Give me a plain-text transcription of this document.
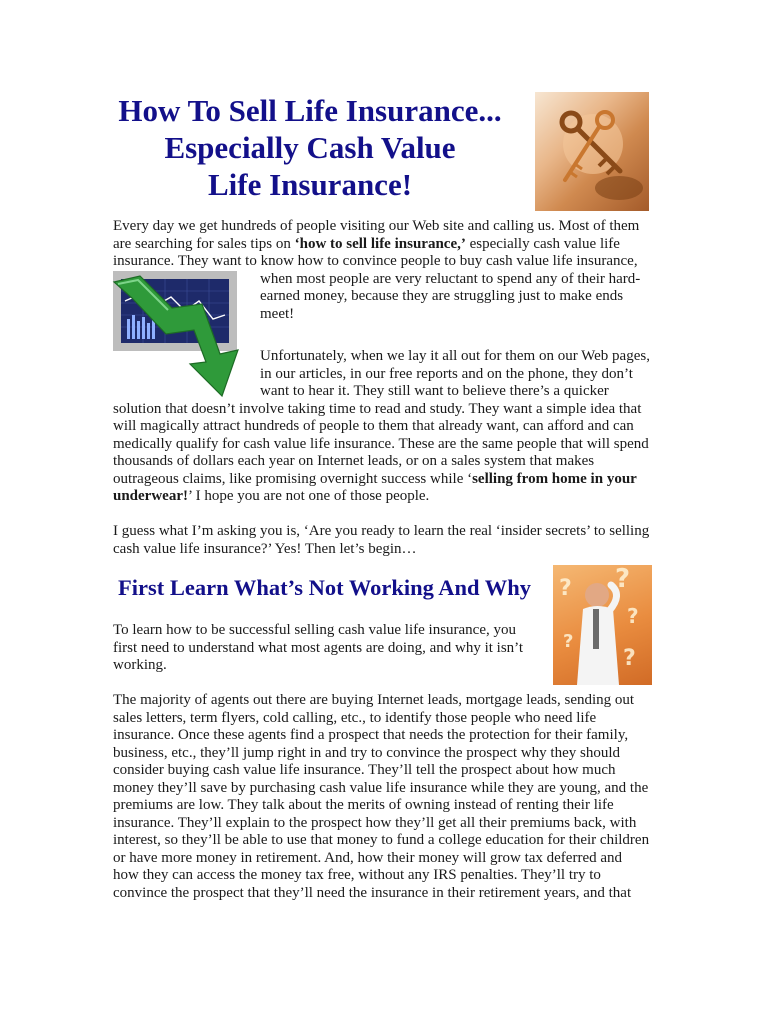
How To Sell Life Insurance...
Especially Cash Value
Life Insurance!
Every day we get hundreds of people visiting our Web site and calling us. Most of them
are searching for sales tips on ‘how to sell life insurance,’ especially cash value life
insurance. They want to know how to convince people to buy cash value life insurance,
when most people are very reluctant to spend any of their hard-
earned money, because they are struggling just to make ends
meet!
Unfortunately, when we lay it all out for them on our Web pages,
in our articles, in our free reports and on the phone, they don’t
want to hear it. They still want to believe there’s a quicker
solution that doesn’t involve taking time to read and study. They want a simple idea that
will magically attract hundreds of people to them that already want, can afford and can
medically qualify for cash value life insurance. These are the same people that will spend
thousands of dollars each year on Internet leads, or on a sales system that makes
outrageous claims, like promising overnight success while ‘selling from home in your
underwear!’ I hope you are not one of those people.
I guess what I’m asking you is, ‘Are you ready to learn the real ‘insider secrets’ to selling
cash value life insurance?’ Yes! Then let’s begin…
First Learn What’s Not Working And Why ? ?
?
?
?
To learn how to be successful selling cash value life insurance, you
first need to understand what most agents are doing, and why it isn’t
working.
The majority of agents out there are buying Internet leads, mortgage leads, sending out
sales letters, term flyers, cold calling, etc., to identify those people who need life
insurance. Once these agents find a prospect that needs the protection for their family,
business, etc., they’ll jump right in and try to convince the prospect why they should
consider buying cash value life insurance. They’ll tell the prospect about how much
money they’ll save by purchasing cash value life insurance while they are young, and the
premiums are low. They talk about the merits of owning instead of renting their life
insurance. They’ll explain to the prospect how they’ll get all their premiums back, with
interest, so they’ll be able to use that money to fund a college education for their children
or have more money in retirement. And, how their money will grow tax deferred and
how they can access the money tax free, without any IRS penalties. They’ll try to
convince the prospect that they’ll need the insurance in their retirement years, and that
